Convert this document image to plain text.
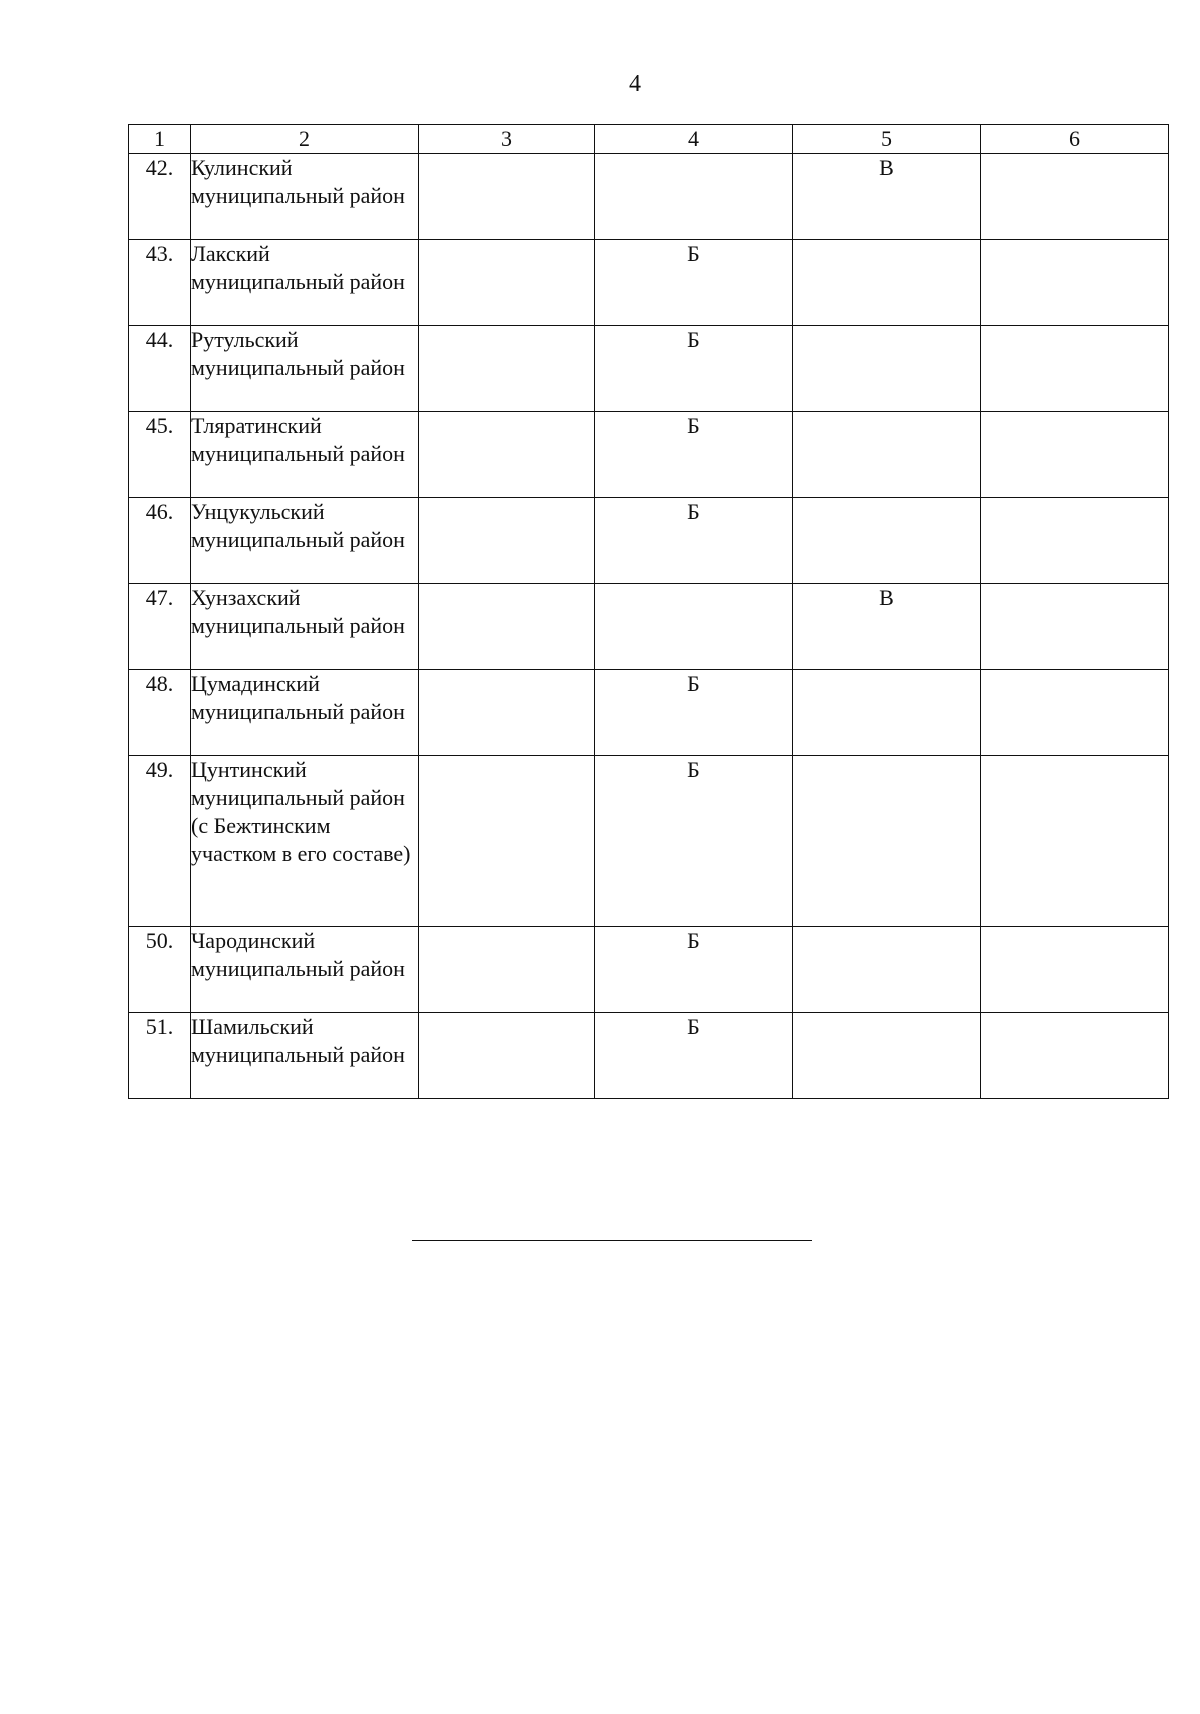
4
1	2	3	4	5	6
42.	Кулинский муниципальный район			В	
43.	Лакский муниципальный район		Б		
44.	Рутульский муниципальный район		Б		
45.	Тляратинский муниципальный район		Б		
46.	Унцукульский муниципальный район		Б		
47.	Хунзахский муниципальный район			В	
48.	Цумадинский муниципальный район		Б		
49.	Цунтинский муниципальный район (с Бежтинским участком в его составе)		Б		
50.	Чародинский муниципальный район		Б		
51.	Шамильский муниципальный район		Б		
